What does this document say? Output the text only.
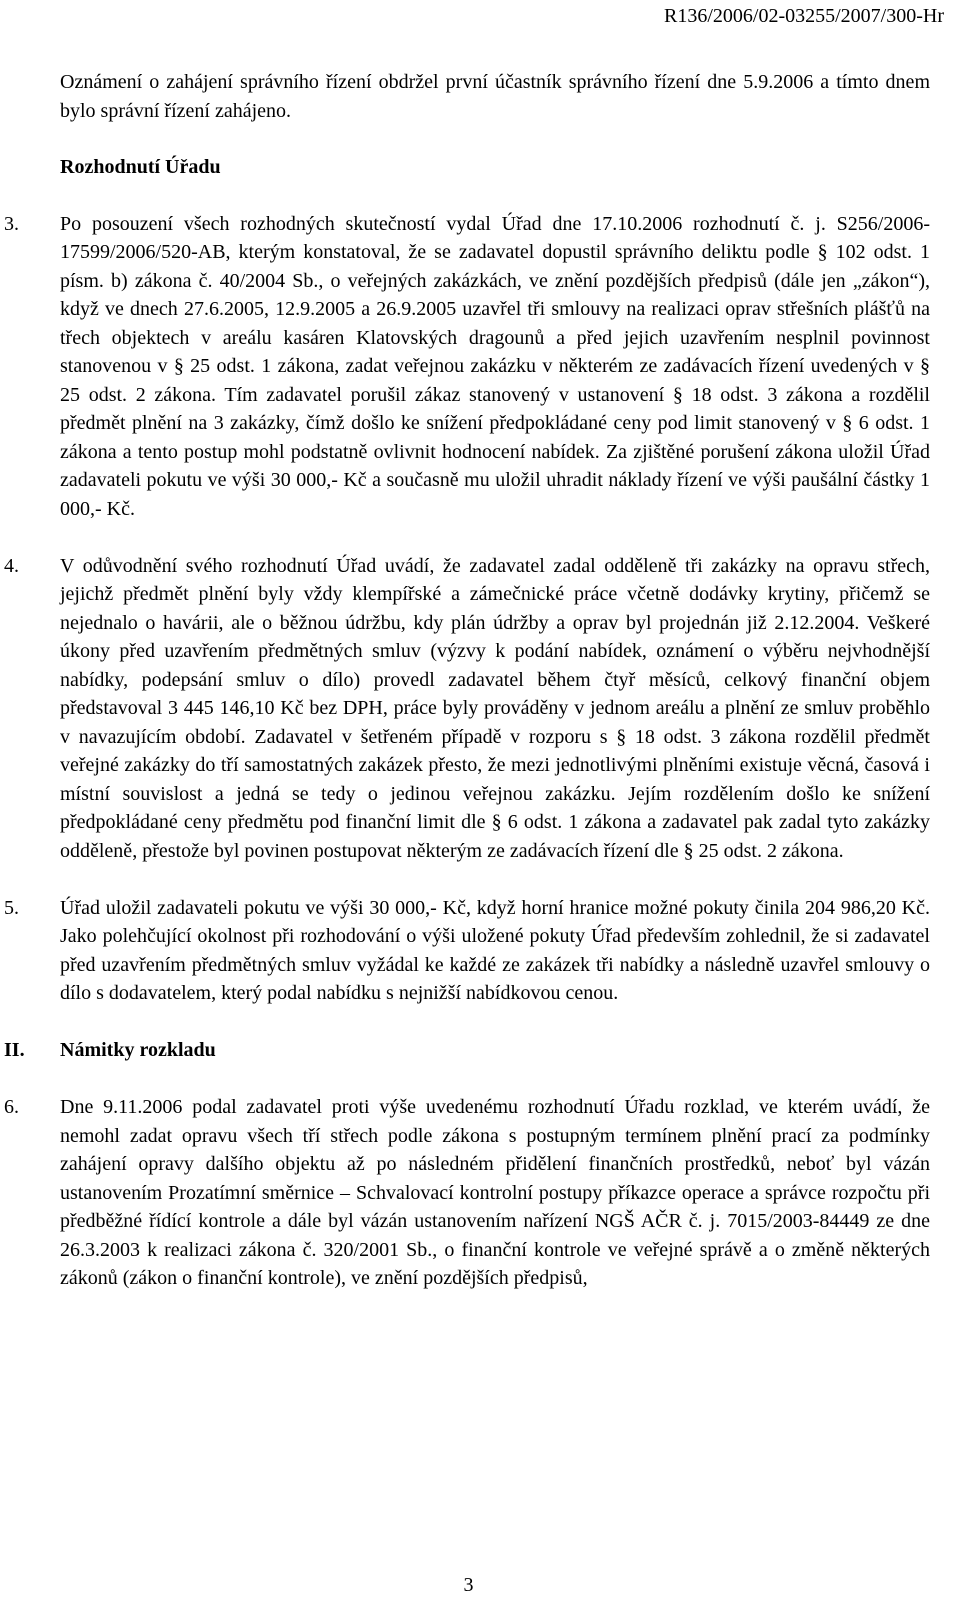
R136/2006/02-03255/2007/300-Hr

Oznámení o zahájení správního řízení obdržel první účastník správního řízení dne 5.9.2006 a tímto dnem bylo správní řízení zahájeno.

Rozhodnutí Úřadu
3. Po posouzení všech rozhodných skutečností vydal Úřad dne 17.10.2006 rozhodnutí č. j. S256/2006-17599/2006/520-AB, kterým konstatoval, že se zadavatel dopustil správního deliktu podle § 102 odst. 1 písm. b) zákona č. 40/2004 Sb., o veřejných zakázkách, ve znění pozdějších předpisů (dále jen „zákon“), když ve dnech 27.6.2005, 12.9.2005 a 26.9.2005 uzavřel tři smlouvy na realizaci oprav střešních plášťů na třech objektech v areálu kasáren Klatovských dragounů a před jejich uzavřením nesplnil povinnost stanovenou v § 25 odst. 1 zákona, zadat veřejnou zakázku v některém ze zadávacích řízení uvedených v § 25 odst. 2 zákona. Tím zadavatel porušil zákaz stanovený v ustanovení § 18 odst. 3 zákona a rozdělil předmět plnění na 3 zakázky, čímž došlo ke snížení předpokládané ceny pod limit stanovený v § 6 odst. 1 zákona a tento postup mohl podstatně ovlivnit hodnocení nabídek. Za zjištěné porušení zákona uložil Úřad zadavateli pokutu ve výši 30 000,- Kč a současně mu uložil uhradit náklady řízení ve výši paušální částky 1 000,- Kč.
4. V odůvodnění svého rozhodnutí Úřad uvádí, že zadavatel zadal odděleně tři zakázky na opravu střech, jejichž předmět plnění byly vždy klempířské a zámečnické práce včetně dodávky krytiny, přičemž se nejednalo o havárii, ale o běžnou údržbu, kdy plán údržby a oprav byl projednán již 2.12.2004. Veškeré úkony před uzavřením předmětných smluv (výzvy k podání nabídek, oznámení o výběru nejvhodnější nabídky, podepsání smluv o dílo) provedl zadavatel během čtyř měsíců, celkový finanční objem představoval 3 445 146,10 Kč bez DPH, práce byly prováděny v jednom areálu a plnění ze smluv proběhlo v navazujícím období. Zadavatel v šetřeném případě v rozporu s § 18 odst. 3 zákona rozdělil předmět veřejné zakázky do tří samostatných zakázek přesto, že mezi jednotlivými plněními existuje věcná, časová i místní souvislost a jedná se tedy o jedinou veřejnou zakázku. Jejím rozdělením došlo ke snížení předpokládané ceny předmětu pod finanční limit dle § 6 odst. 1 zákona a zadavatel pak zadal tyto zakázky odděleně, přestože byl povinen postupovat některým ze zadávacích řízení dle § 25 odst. 2 zákona.
5. Úřad uložil zadavateli pokutu ve výši 30 000,- Kč, když horní hranice možné pokuty činila 204 986,20 Kč. Jako polehčující okolnost při rozhodování o výši uložené pokuty Úřad především zohlednil, že si zadavatel před uzavřením předmětných smluv vyžádal ke každé ze zakázek tři nabídky a následně uzavřel smlouvy o dílo s dodavatelem, který podal nabídku s nejnižší nabídkovou cenou.
II. Námitky rozkladu
6. Dne 9.11.2006 podal zadavatel proti výše uvedenému rozhodnutí Úřadu rozklad, ve kterém uvádí, že nemohl zadat opravu všech tří střech podle zákona s postupným termínem plnění prací za podmínky zahájení opravy dalšího objektu až po následném přidělení finančních prostředků, neboť byl vázán ustanovením Prozatímní směrnice – Schvalovací kontrolní postupy příkazce operace a správce rozpočtu při předběžné řídící kontrole a dále byl vázán ustanovením nařízení NGŠ AČR č. j. 7015/2003-84449 ze dne 26.3.2003 k realizaci zákona č. 320/2001 Sb., o finanční kontrole ve veřejné správě a o změně některých zákonů (zákon o finanční kontrole), ve znění pozdějších předpisů,
3
